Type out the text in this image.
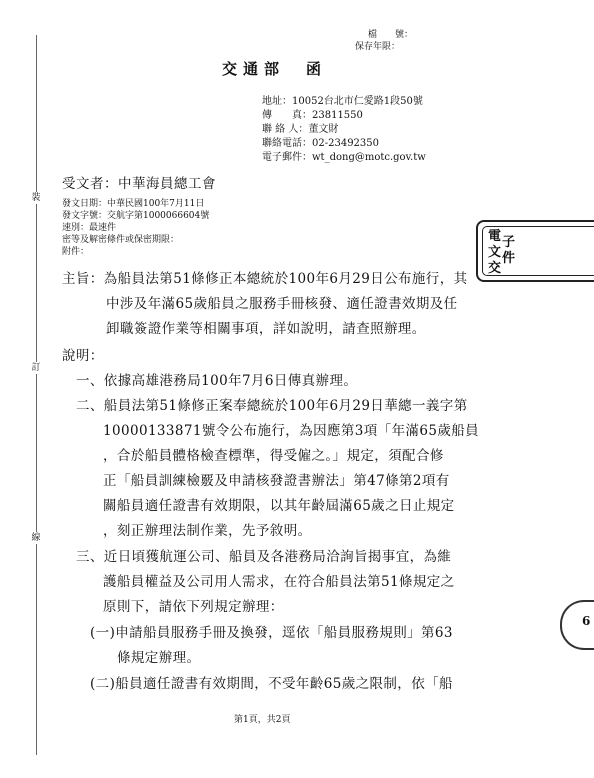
檔　　號：
保存年限：
交通部　函
地址：10052台北市仁愛路1段50號
傳　　真：23811550
聯 絡 人：董文財
聯絡電話：02-23492350
電子郵件：wt_dong@motc.gov.tw
受文者：中華海員總工會
發文日期：中華民國100年7月11日
發文字號：交航字第1000066604號
速別：最速件
密等及解密條件或保密期限：
附件：
裝
訂
線
電 子
文 件
交
主旨：為船員法第51條修正本總統於100年6月29日公布施行，其
中涉及年滿65歲船員之服務手冊核發、適任證書效期及任
卸職簽證作業等相關事項，詳如說明，請查照辦理。
說明：
一、依據高雄港務局100年7月6日傳真辦理。
二、船員法第51條修正案奉總統於100年6月29日華總一義字第
10000133871號令公布施行，為因應第3項「年滿65歲船員
，合於船員體格檢查標準，得受僱之。」規定，須配合修
正「船員訓練檢覈及申請核發證書辦法」第47條第2項有
關船員適任證書有效期限，以其年齡屆滿65歲之日止規定
，刻正辦理法制作業，先予敘明。
三、近日頃獲航運公司、船員及各港務局洽詢旨揭事宜，為維
護船員權益及公司用人需求，在符合船員法第51條規定之
原則下，請依下列規定辦理：
(一)申請船員服務手冊及換發，逕依「船員服務規則」第63
條規定辦理。
(二)船員適任證書有效期間，不受年齡65歲之限制，依「船
6
第1頁，共2頁
